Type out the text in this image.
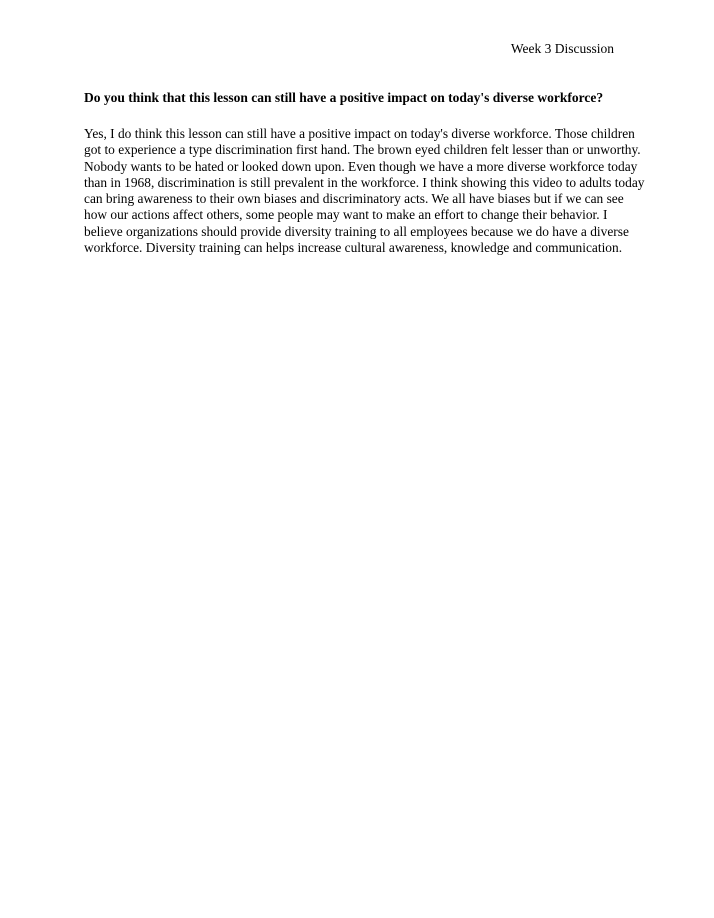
Week 3 Discussion
Do you think that this lesson can still have a positive impact on today's diverse workforce?

Yes, I do think this lesson can still have a positive impact on today's diverse workforce. Those children
got to experience a type discrimination first hand. The brown eyed children felt lesser than or unworthy.
Nobody wants to be hated or looked down upon. Even though we have a more diverse workforce today
than in 1968, discrimination is still prevalent in the workforce. I think showing this video to adults today
can bring awareness to their own biases and discriminatory acts. We all have biases but if we can see
how our actions affect others, some people may want to make an effort to change their behavior. I
believe organizations should provide diversity training to all employees because we do have a diverse
workforce. Diversity training can helps increase cultural awareness, knowledge and communication.
